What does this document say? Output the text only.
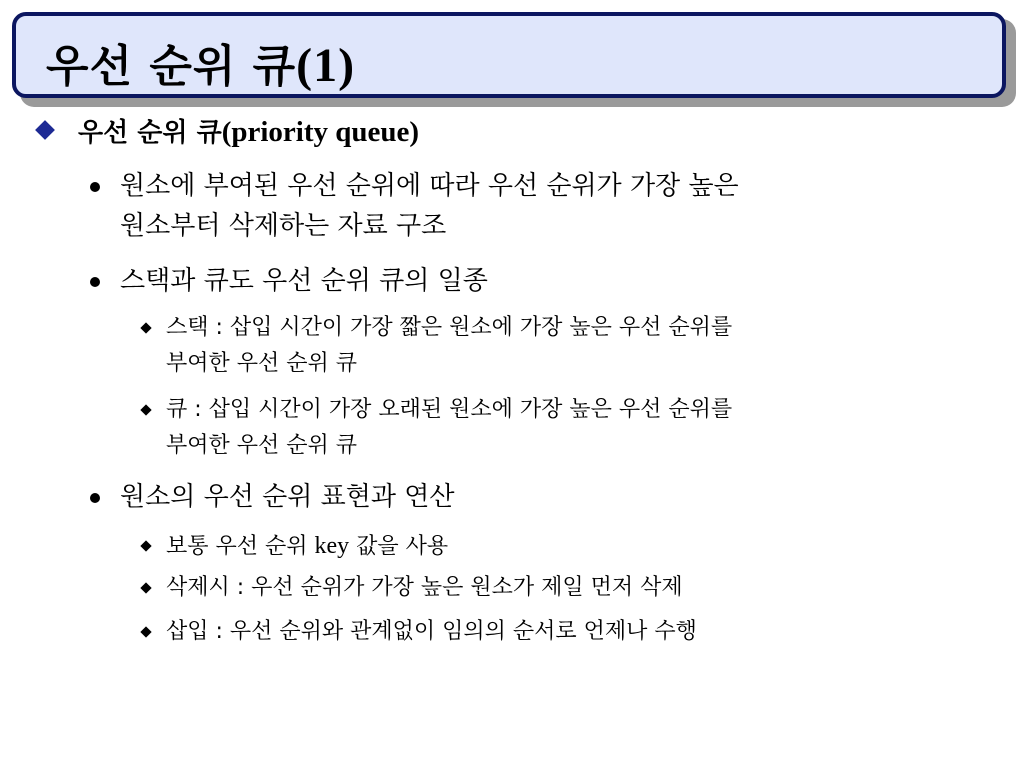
우선 순위 큐(1)
우선 순위 큐(priority queue)
원소에 부여된 우선 순위에 따라 우선 순위가 가장 높은
원소부터 삭제하는 자료 구조
스택과 큐도 우선 순위 큐의 일종
스택 : 삽입 시간이 가장 짧은 원소에 가장 높은 우선 순위를
부여한 우선 순위 큐
큐 : 삽입 시간이 가장 오래된 원소에 가장 높은 우선 순위를
부여한 우선 순위 큐
원소의 우선 순위 표현과 연산
보통 우선 순위 key 값을 사용
삭제시 : 우선 순위가 가장 높은 원소가 제일 먼저 삭제
삽입 : 우선 순위와 관계없이 임의의 순서로 언제나 수행
